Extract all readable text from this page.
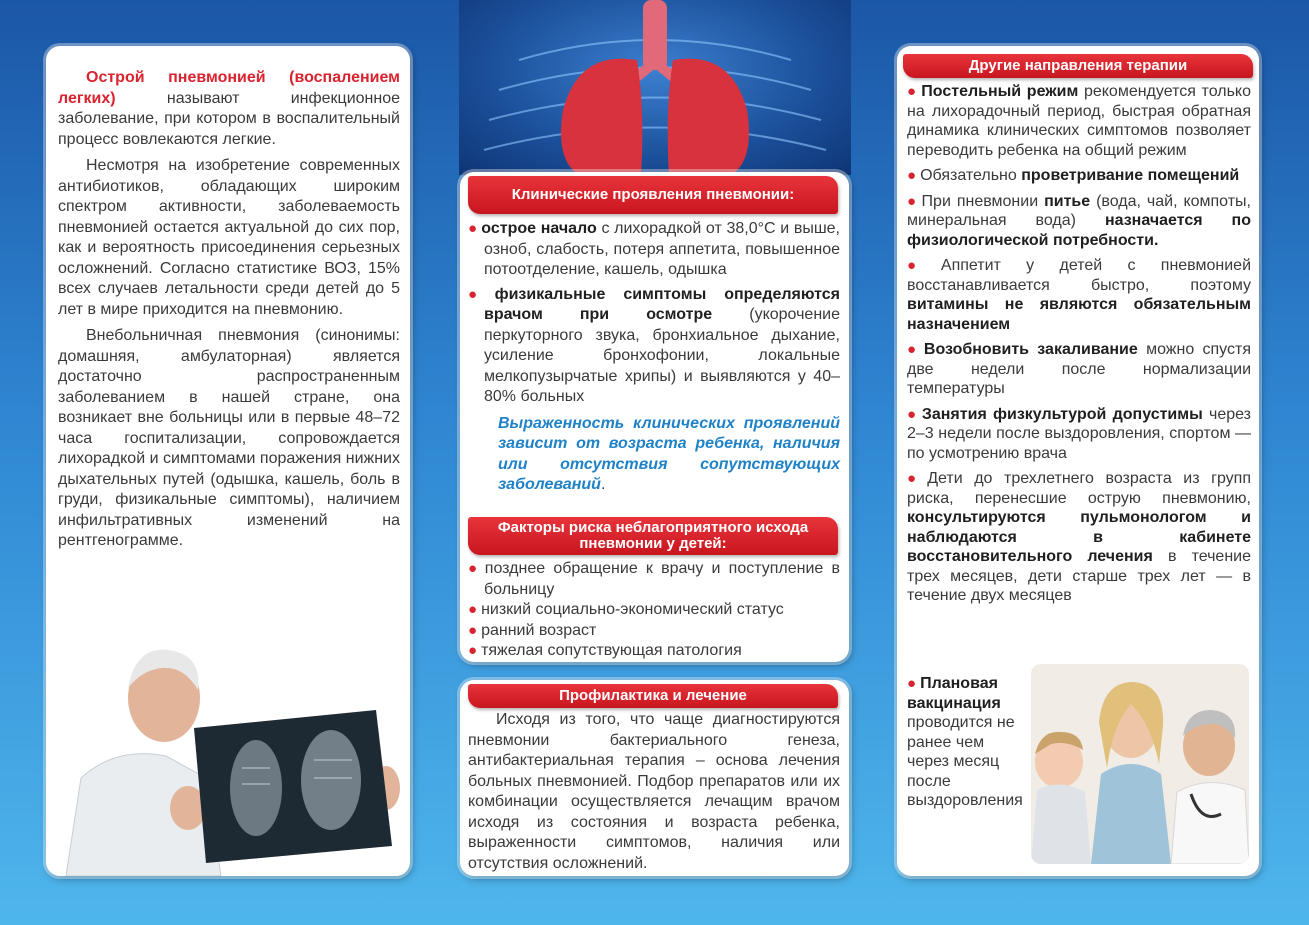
Острой пневмонией (воспалением легких) называют инфекционное заболевание, при котором в воспалительный процесс вовлекаются легкие.

Несмотря на изобретение современных антибиотиков, обладающих широким спектром активности, заболеваемость пневмонией остается актуальной до сих пор, как и вероятность присоединения серьезных осложнений. Согласно статистике ВОЗ, 15% всех случаев летальности среди детей до 5 лет в мире приходится на пневмонию.

Внебольничная пневмония (синонимы: домашняя, амбулаторная) является достаточно распространенным заболеванием в нашей стране, она возникает вне больницы или в первые 48–72 часа госпитализации, сопровождается лихорадкой и симптомами поражения нижних дыхательных путей (одышка, кашель, боль в груди, физикальные симптомы), наличием инфильтративных изменений на рентгенограмме.

Клинические проявления пневмонии:

● острое начало с лихорадкой от 38,0°С и выше, озноб, слабость, потеря аппетита, повышенное потоотделение, кашель, одышка

● физикальные симптомы определяются врачом при осмотре (укорочение перкуторного звука, бронхиальное дыхание, усиление бронхофонии, локальные мелкопузырчатые хрипы) и выявляются у 40–80% больных

Выраженность клинических проявлений зависит от возраста ребенка, наличия или отсутствия сопутствующих заболеваний.

Факторы риска неблагоприятного исхода пневмонии у детей:
● позднее обращение к врачу и поступление в больницу
● низкий социально-экономический статус
● ранний возраст
● тяжелая сопутствующая патология
Профилактика и лечение

Исходя из того, что чаще диагностируются пневмонии бактериального генеза, антибактериальная терапия – основа лечения больных пневмонией. Подбор препаратов или их комбинации осуществляется лечащим врачом исходя из состояния и возраста ребенка, выраженности симптомов, наличия или отсутствия осложнений.

Другие направления терапии

● Постельный режим рекомендуется только на лихорадочный период, быстрая обратная динамика клинических симптомов позволяет переводить ребенка на общий режим

● Обязательно проветривание помещений

● При пневмонии питье (вода, чай, компоты, минеральная вода) назначается по физиологической потребности.

● Аппетит у детей с пневмонией восстанавливается быстро, поэтому витамины не являются обязательным назначением

● Возобновить закаливание можно спустя две недели после нормализации температуры

● Занятия физкультурой допустимы через 2–3 недели после выздоровления, спортом — по усмотрению врача

● Дети до трехлетнего возраста из групп риска, перенесшие острую пневмонию, консультируются пульмонологом и наблюдаются в кабинете восстановительного лечения в течение трех месяцев, дети старше трех лет — в течение двух месяцев

● Плановая вакцинация проводится не ранее чем через месяц после выздоровления
